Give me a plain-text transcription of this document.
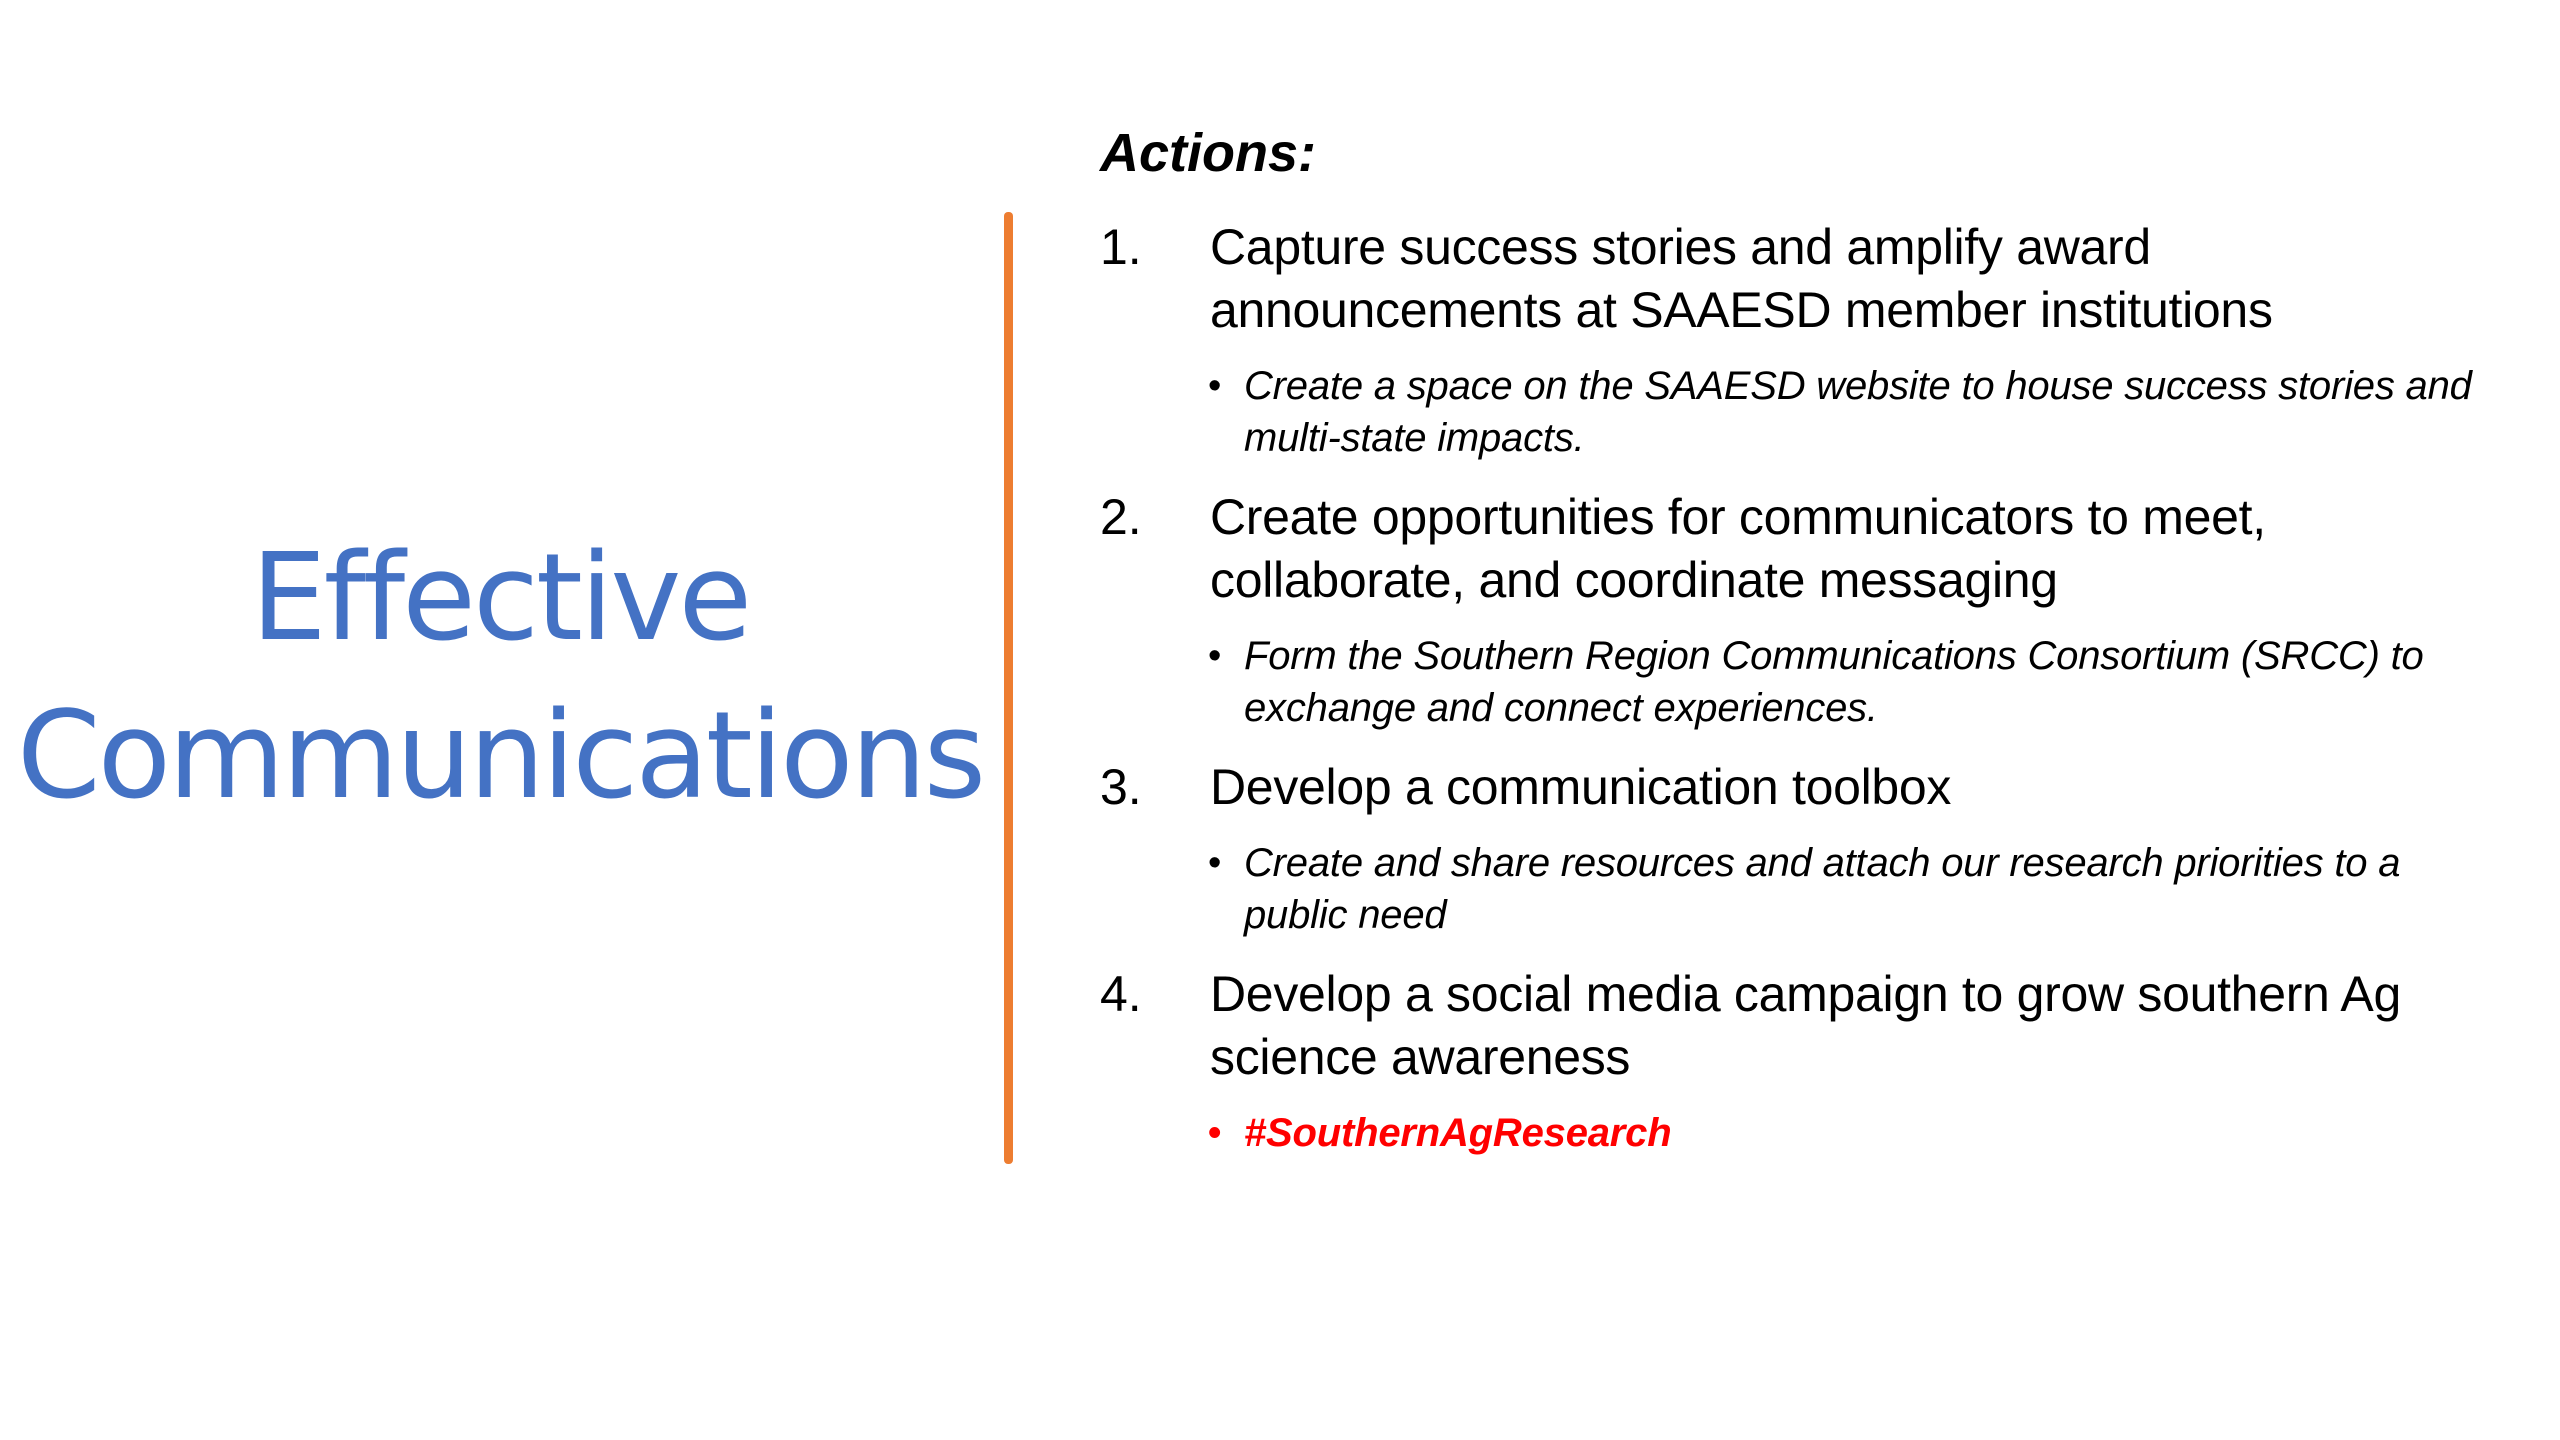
Effective
Communications
Actions:
1. Capture success stories and amplify award announcements at SAAESD member institutions
• Create a space on the SAAESD website to house success stories and multi-state impacts.
2. Create opportunities for communicators to meet, collaborate, and coordinate messaging
• Form the Southern Region Communications Consortium (SRCC) to exchange and connect experiences.
3. Develop a communication toolbox
• Create and share resources and attach our research priorities to a public need
4. Develop a social media campaign to grow southern Ag science awareness
• #SouthernAgResearch
